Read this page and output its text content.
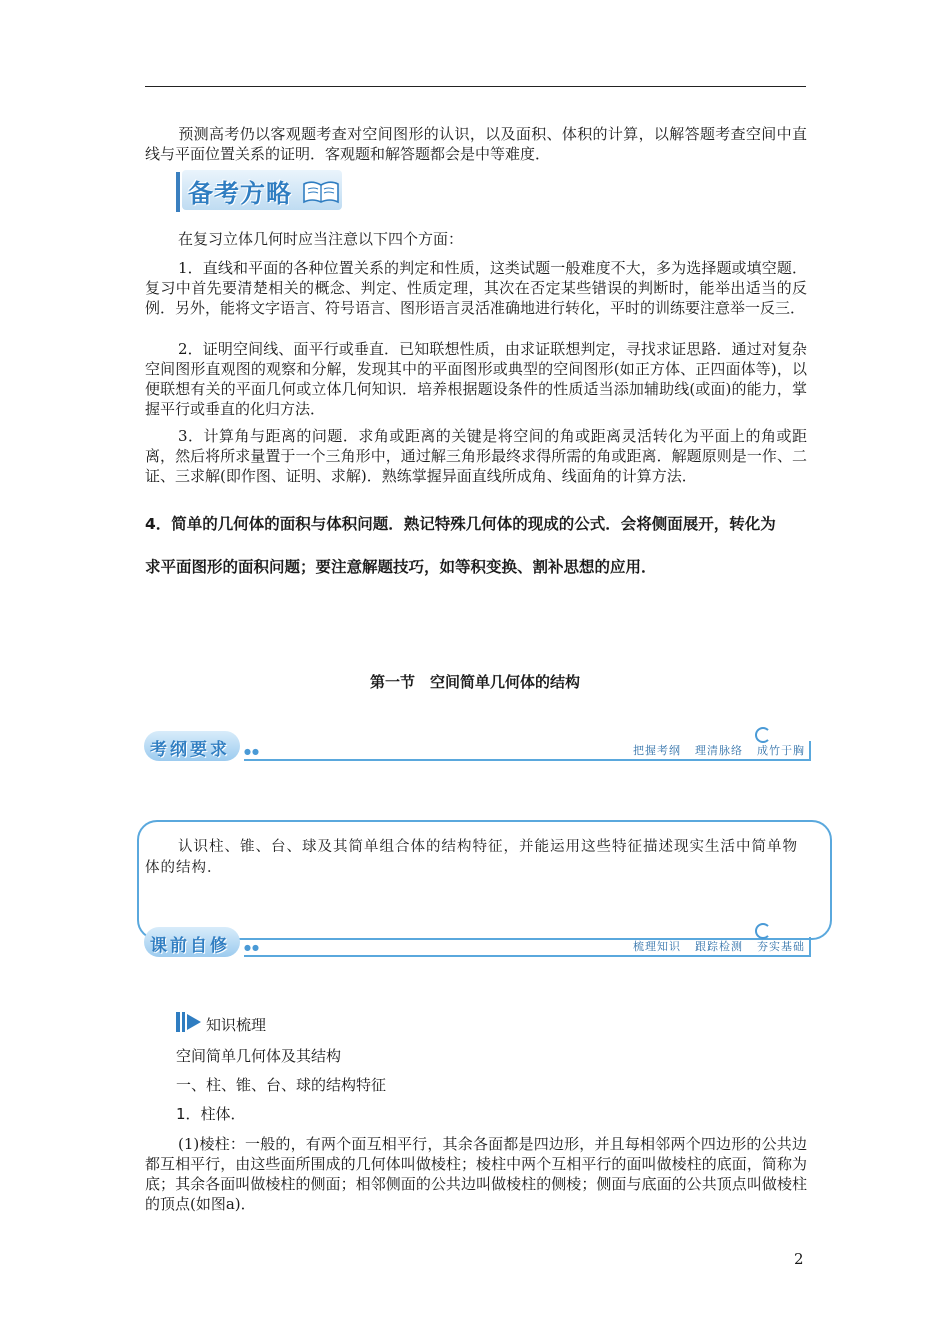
预测高考仍以客观题考查对空间图形的认识，以及面积、体积的计算，以解答题考查空间中直线与平面位置关系的证明．客观题和解答题都会是中等难度．
备考方略
在复习立体几何时应当注意以下四个方面：
1．直线和平面的各种位置关系的判定和性质，这类试题一般难度不大，多为选择题或填空题．复习中首先要清楚相关的概念、判定、性质定理，其次在否定某些错误的判断时，能举出适当的反例．另外，能将文字语言、符号语言、图形语言灵活准确地进行转化，平时的训练要注意举一反三．
2．证明空间线、面平行或垂直．已知联想性质，由求证联想判定，寻找求证思路．通过对复杂空间图形直观图的观察和分解，发现其中的平面图形或典型的空间图形(如正方体、正四面体等)，以便联想有关的平面几何或立体几何知识．培养根据题设条件的性质适当添加辅助线(或面)的能力，掌握平行或垂直的化归方法．
3．计算角与距离的问题．求角或距离的关键是将空间的角或距离灵活转化为平面上的角或距离，然后将所求量置于一个三角形中，通过解三角形最终求得所需的角或距离．解题原则是一作、二证、三求解(即作图、证明、求解)．熟练掌握异面直线所成角、线面角的计算方法．
4．简单的几何体的面积与体积问题．熟记特殊几何体的现成的公式．会将侧面展开，转化为
求平面图形的面积问题；要注意解题技巧，如等积变换、割补思想的应用．
第一节　空间简单几何体的结构
考纲要求 ●●	把握考纲 理清脉络 成竹于胸
认识柱、锥、台、球及其简单组合体的结构特征，并能运用这些特征描述现实生活中简单物体的结构．
课前自修 ●●	梳理知识 跟踪检测 夯实基础
知识梳理
空间简单几何体及其结构
一、柱、锥、台、球的结构特征
1．柱体．
(1)棱柱：一般的，有两个面互相平行，其余各面都是四边形，并且每相邻两个四边形的公共边都互相平行，由这些面所围成的几何体叫做棱柱；棱柱中两个互相平行的面叫做棱柱的底面，简称为底；其余各面叫做棱柱的侧面；相邻侧面的公共边叫做棱柱的侧棱；侧面与底面的公共顶点叫做棱柱的顶点(如图a)．
2
